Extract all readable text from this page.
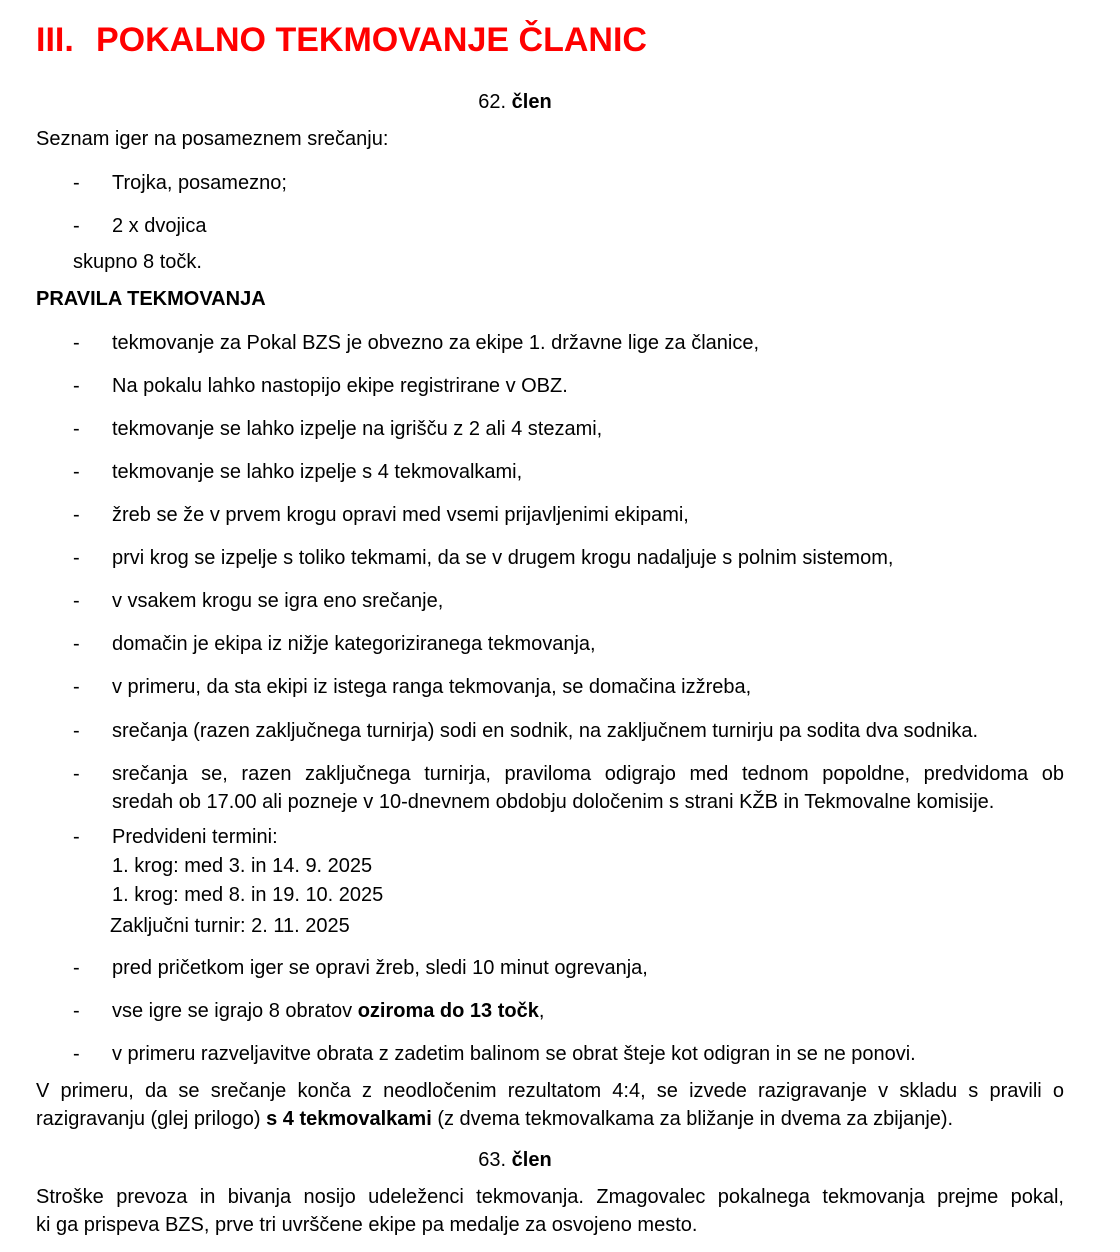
III. POKALNO TEKMOVANJE ČLANIC
62. člen
Seznam iger na posameznem srečanju:
- Trojka, posamezno;
- 2 x dvojica
skupno 8 točk.
PRAVILA TEKMOVANJA
- tekmovanje za Pokal BZS je obvezno za ekipe 1. državne lige za članice,
- Na pokalu lahko nastopijo ekipe registrirane v OBZ.
- tekmovanje se lahko izpelje na igrišču z 2 ali 4 stezami,
- tekmovanje se lahko izpelje s 4 tekmovalkami,
- žreb se že v prvem krogu opravi med vsemi prijavljenimi ekipami,
- prvi krog se izpelje s toliko tekmami, da se v drugem krogu nadaljuje s polnim sistemom,
- v vsakem krogu se igra eno srečanje,
- domačin je ekipa iz nižje kategoriziranega tekmovanja,
- v primeru, da sta ekipi iz istega ranga tekmovanja, se domačina izžreba,
- srečanja (razen zaključnega turnirja) sodi en sodnik, na zaključnem turnirju pa sodita dva sodnika.
- srečanja se, razen zaključnega turnirja, praviloma odigrajo med tednom popoldne, predvidoma ob
sredah ob 17.00 ali pozneje v 10-dnevnem obdobju določenim s strani KŽB in Tekmovalne komisije.
- Predvideni termini:
1. krog: med 3. in 14. 9. 2025
1. krog: med 8. in 19. 10. 2025
Zaključni turnir: 2. 11. 2025
- pred pričetkom iger se opravi žreb, sledi 10 minut ogrevanja,
- vse igre se igrajo 8 obratov oziroma do 13 točk,
- v primeru razveljavitve obrata z zadetim balinom se obrat šteje kot odigran in se ne ponovi.
V primeru, da se srečanje konča z neodločenim rezultatom 4:4, se izvede razigravanje v skladu s pravili o
razigravanju (glej prilogo) s 4 tekmovalkami (z dvema tekmovalkama za bližanje in dvema za zbijanje).
63. člen
Stroške prevoza in bivanja nosijo udeleženci tekmovanja. Zmagovalec pokalnega tekmovanja prejme pokal,
ki ga prispeva BZS, prve tri uvrščene ekipe pa medalje za osvojeno mesto.
